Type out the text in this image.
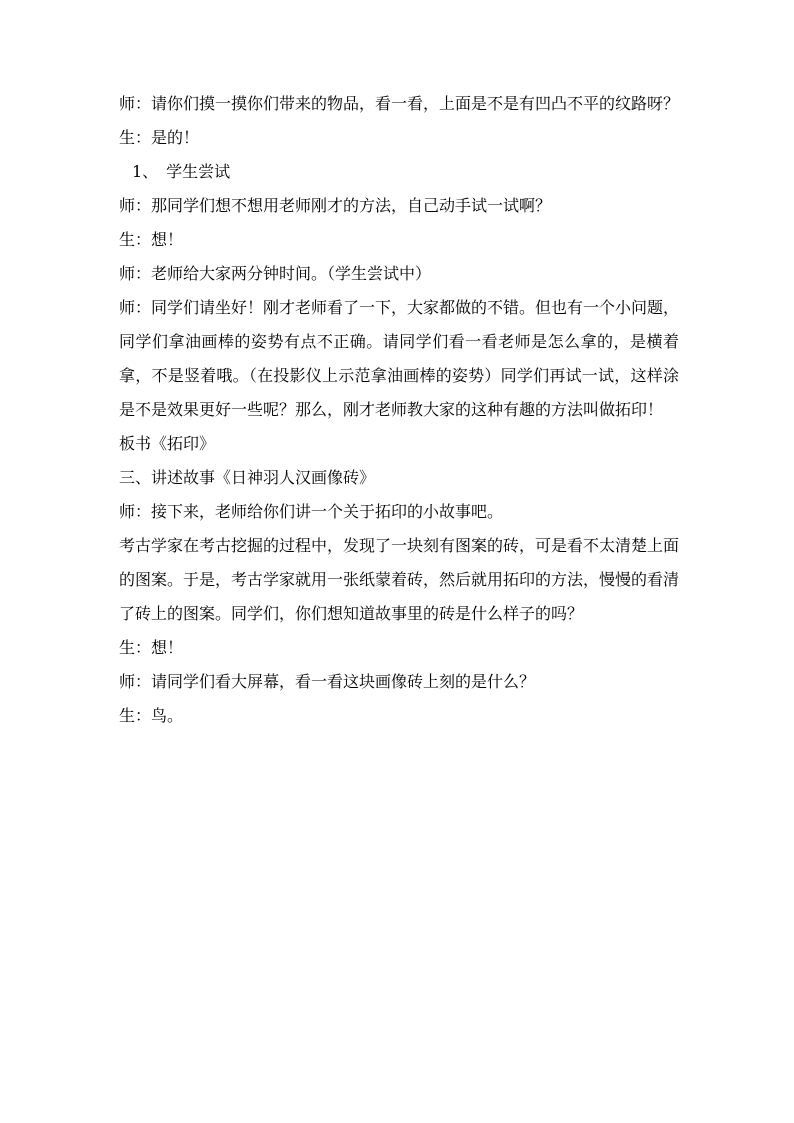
师：请你们摸一摸你们带来的物品，看一看，上面是不是有凹凸不平的纹路呀？

生：是的！

1、　学生尝试

师：那同学们想不想用老师刚才的方法，自己动手试一试啊？

生：想！

师：老师给大家两分钟时间。（学生尝试中）

师：同学们请坐好！刚才老师看了一下，大家都做的不错。但也有一个小问题，同学们拿油画棒的姿势有点不正确。请同学们看一看老师是怎么拿的，是横着拿，不是竖着哦。（在投影仪上示范拿油画棒的姿势）同学们再试一试，这样涂是不是效果更好一些呢？那么，刚才老师教大家的这种有趣的方法叫做拓印！

板书《拓印》

三、讲述故事《日神羽人汉画像砖》

师：接下来，老师给你们讲一个关于拓印的小故事吧。

考古学家在考古挖掘的过程中，发现了一块刻有图案的砖，可是看不太清楚上面的图案。于是，考古学家就用一张纸蒙着砖，然后就用拓印的方法，慢慢的看清了砖上的图案。同学们，你们想知道故事里的砖是什么样子的吗？

生：想！

师：请同学们看大屏幕，看一看这块画像砖上刻的是什么？

生：鸟。
